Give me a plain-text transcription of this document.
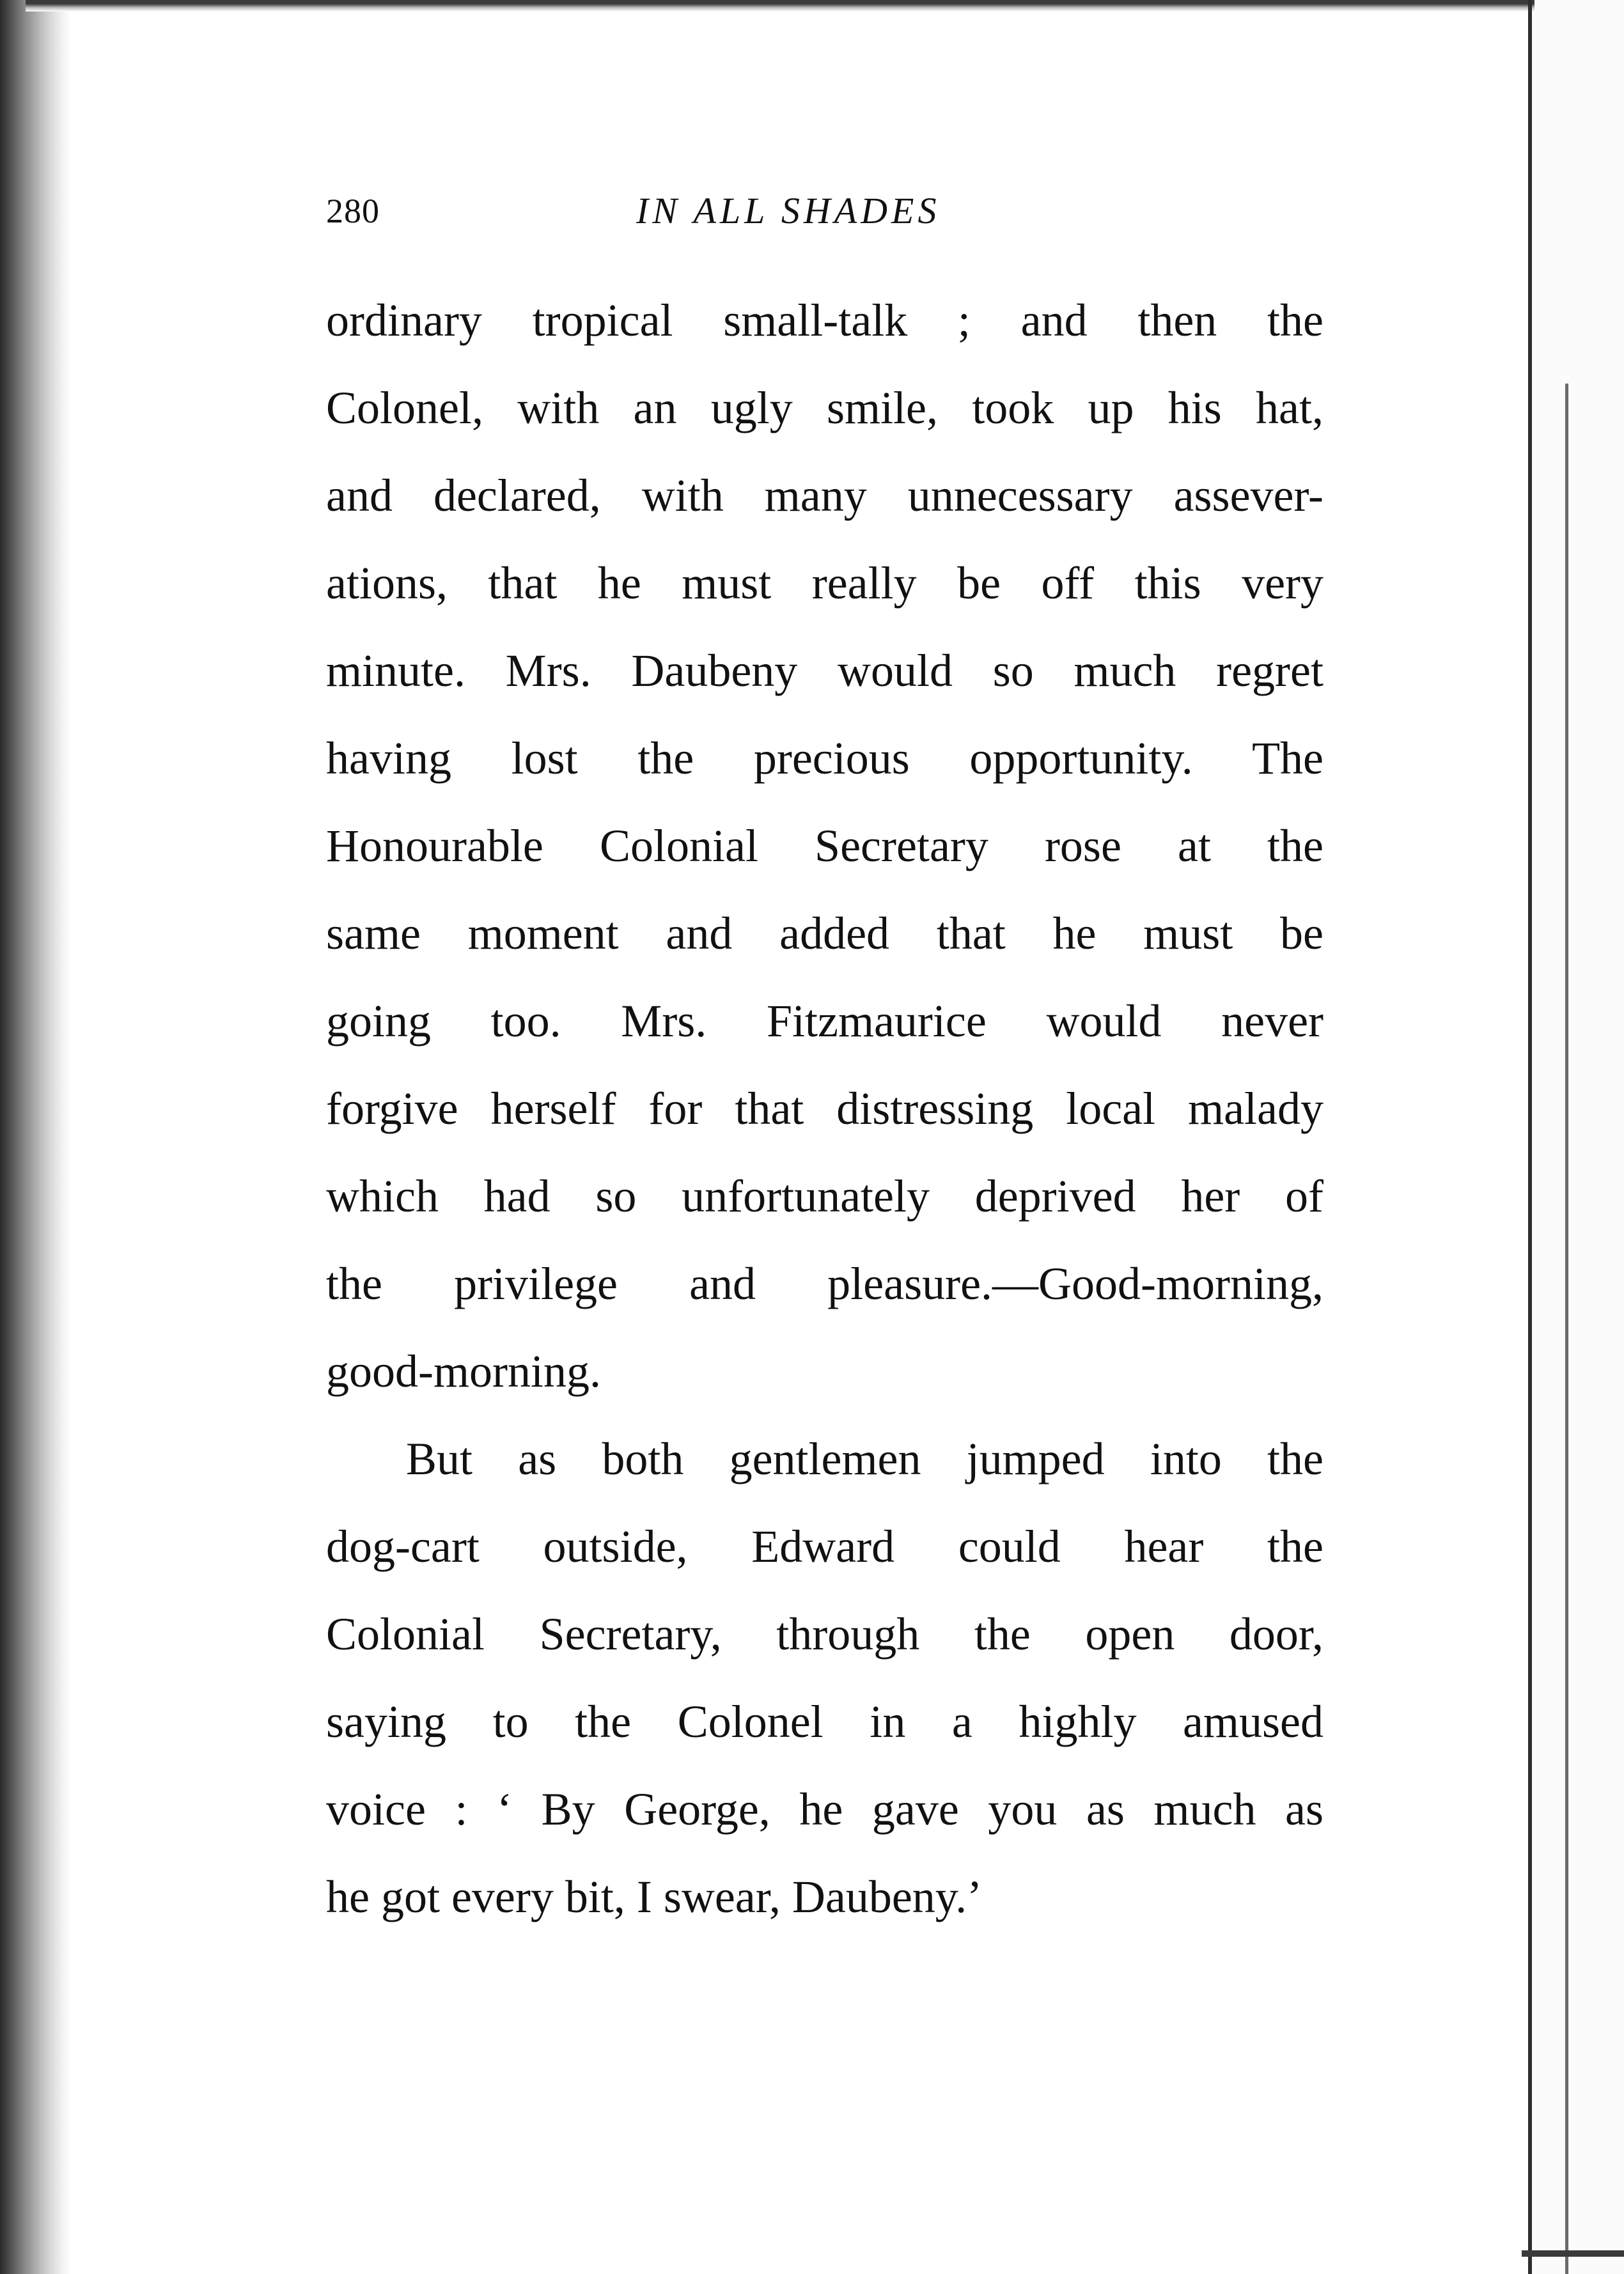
280	IN ALL SHADES
ordinary tropical small-talk ; and then the
Colonel, with an ugly smile, took up his hat,
and declared, with many unnecessary assever-
ations, that he must really be off this very
minute. Mrs. Daubeny would so much regret
having lost the precious opportunity. The
Honourable Colonial Secretary rose at the
same moment and added that he must be
going too. Mrs. Fitzmaurice would never
forgive herself for that distressing local malady
which had so unfortunately deprived her of
the privilege and pleasure.—Good-morning,
good-morning.
But as both gentlemen jumped into the
dog-cart outside, Edward could hear the
Colonial Secretary, through the open door,
saying to the Colonel in a highly amused
voice : ‘ By George, he gave you as much as
he got every bit, I swear, Daubeny.’
